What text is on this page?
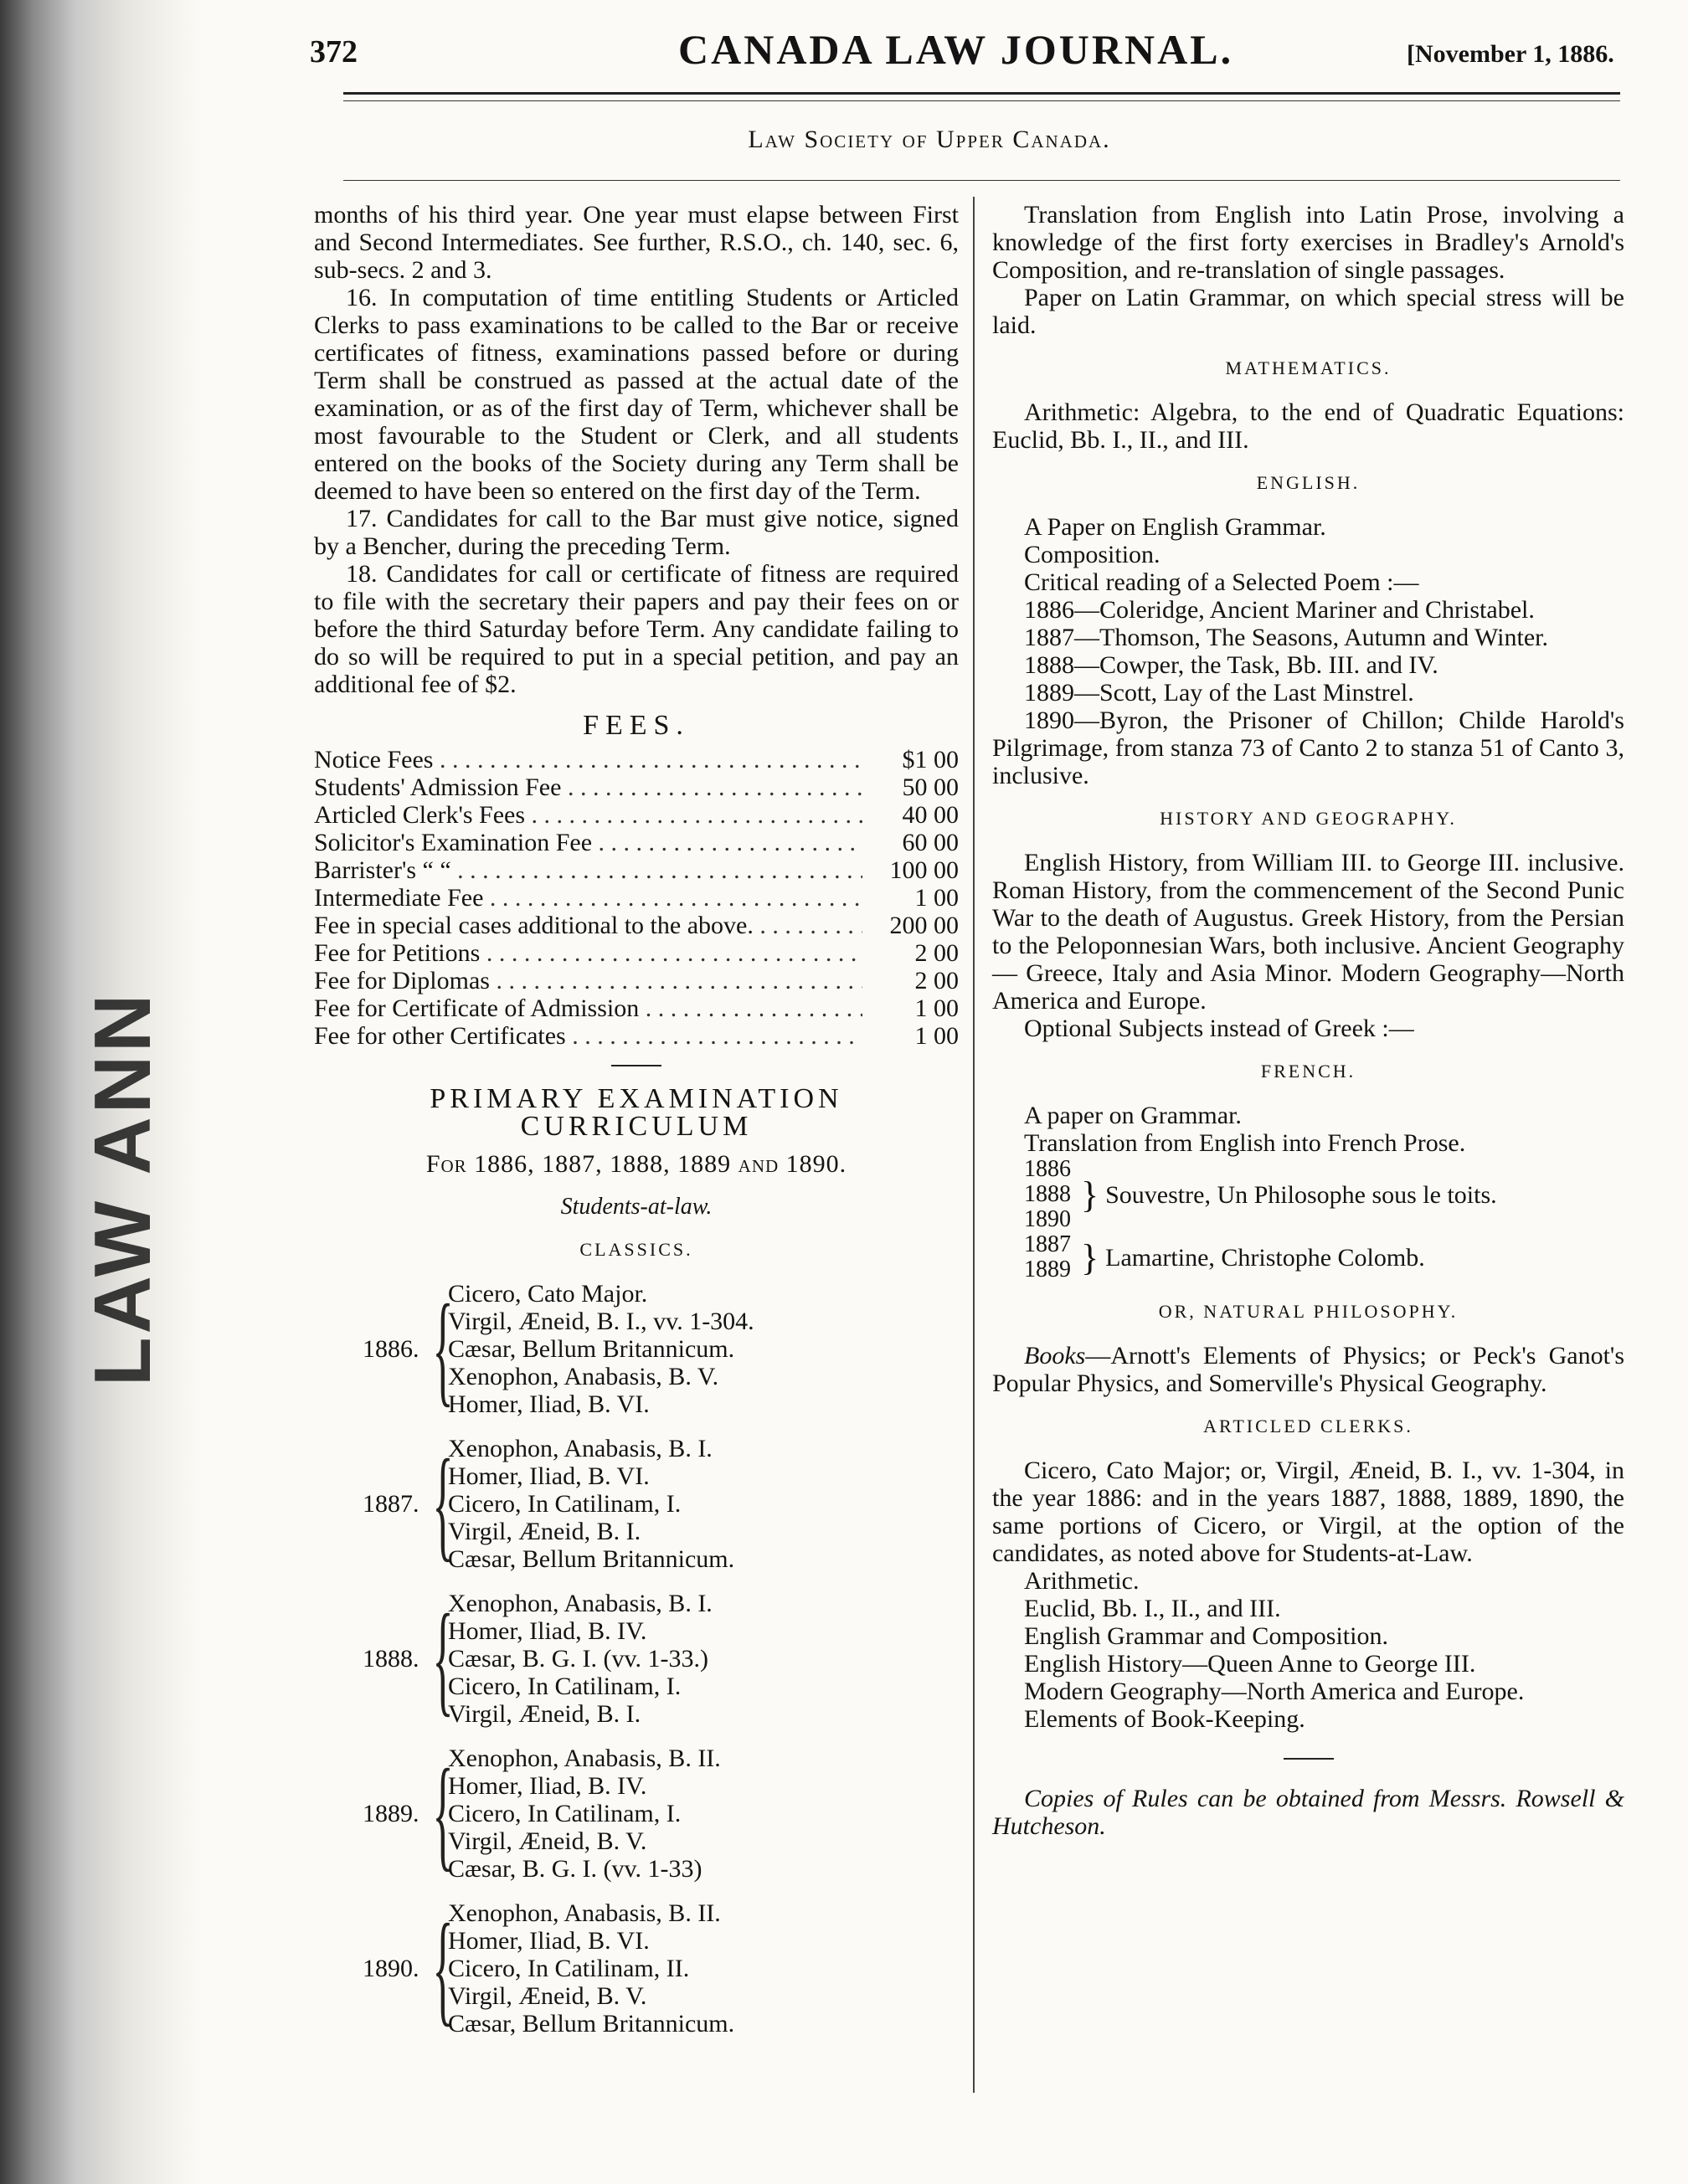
LAW ANN
372	CANADA LAW JOURNAL.	[November 1, 1886.
Law Society of Upper Canada.

months of his third year. One year must elapse between First and Second Intermediates. See further, R.S.O., ch. 140, sec. 6, sub-secs. 2 and 3.

16. In computation of time entitling Students or Articled Clerks to pass examinations to be called to the Bar or receive certificates of fitness, examinations passed before or during Term shall be construed as passed at the actual date of the examination, or as of the first day of Term, whichever shall be most favourable to the Student or Clerk, and all students entered on the books of the Society during any Term shall be deemed to have been so entered on the first day of the Term.

17. Candidates for call to the Bar must give notice, signed by a Bencher, during the preceding Term.

18. Candidates for call or certificate of fitness are required to file with the secretary their papers and pay their fees on or before the third Saturday before Term. Any candidate failing to do so will be required to put in a special petition, and pay an additional fee of $2.

FEES.
Notice Fees . . .	$1 00
Students' Admission Fee . . .	50 00
Articled Clerk's Fees . . .	40 00
Solicitor's Examination Fee . . .	60 00
Barrister's “ “ . . .	100 00
Intermediate Fee . . .	1 00
Fee in special cases additional to the above. . . .	200 00
Fee for Petitions . . .	2 00
Fee for Diplomas . . .	2 00
Fee for Certificate of Admission . . .	1 00
Fee for other Certificates . . .	1 00
PRIMARY EXAMINATION CURRICULUM
For 1886, 1887, 1888, 1889 and 1890.
Students-at-law.
CLASSICS.
1886.
Cicero, Cato Major.
Virgil, Æneid, B. I., vv. 1-304.
Cæsar, Bellum Britannicum.
Xenophon, Anabasis, B. V.
Homer, Iliad, B. VI.
{
1887.
Xenophon, Anabasis, B. I.
Homer, Iliad, B. VI.
Cicero, In Catilinam, I.
Virgil, Æneid, B. I.
Cæsar, Bellum Britannicum.
{
1888.
Xenophon, Anabasis, B. I.
Homer, Iliad, B. IV.
Cæsar, B. G. I. (vv. 1-33.)
Cicero, In Catilinam, I.
Virgil, Æneid, B. I.
{
1889.
Xenophon, Anabasis, B. II.
Homer, Iliad, B. IV.
Cicero, In Catilinam, I.
Virgil, Æneid, B. V.
Cæsar, B. G. I. (vv. 1-33)
{
1890.
Xenophon, Anabasis, B. II.
Homer, Iliad, B. VI.
Cicero, In Catilinam, II.
Virgil, Æneid, B. V.
Cæsar, Bellum Britannicum.
{

Translation from English into Latin Prose, involving a knowledge of the first forty exercises in Bradley's Arnold's Composition, and re-translation of single passages.

Paper on Latin Grammar, on which special stress will be laid.

MATHEMATICS.

Arithmetic: Algebra, to the end of Quadratic Equations: Euclid, Bb. I., II., and III.

ENGLISH.

A Paper on English Grammar.

Composition.

Critical reading of a Selected Poem :—

1886—Coleridge, Ancient Mariner and Christabel.

1887—Thomson, The Seasons, Autumn and Winter.

1888—Cowper, the Task, Bb. III. and IV.

1889—Scott, Lay of the Last Minstrel.

1890—Byron, the Prisoner of Chillon; Childe Harold's Pilgrimage, from stanza 73 of Canto 2 to stanza 51 of Canto 3, inclusive.

HISTORY AND GEOGRAPHY.

English History, from William III. to George III. inclusive. Roman History, from the commencement of the Second Punic War to the death of Augustus. Greek History, from the Persian to the Peloponnesian Wars, both inclusive. Ancient Geography — Greece, Italy and Asia Minor. Modern Geography—North America and Europe.

Optional Subjects instead of Greek :—

FRENCH.

A paper on Grammar.

Translation from English into French Prose.

1886
1888
1890
} Souvestre, Un Philosophe sous le toits.
1887
1889 } Lamartine, Christophe Colomb.
OR, NATURAL PHILOSOPHY.

Books—Arnott's Elements of Physics; or Peck's Ganot's Popular Physics, and Somerville's Physical Geography.

ARTICLED CLERKS.

Cicero, Cato Major; or, Virgil, Æneid, B. I., vv. 1-304, in the year 1886: and in the years 1887, 1888, 1889, 1890, the same portions of Cicero, or Virgil, at the option of the candidates, as noted above for Students-at-Law.

Arithmetic.

Euclid, Bb. I., II., and III.

English Grammar and Composition.

English History—Queen Anne to George III.

Modern Geography—North America and Europe.

Elements of Book-Keeping.

Copies of Rules can be obtained from Messrs. Rowsell & Hutcheson.
